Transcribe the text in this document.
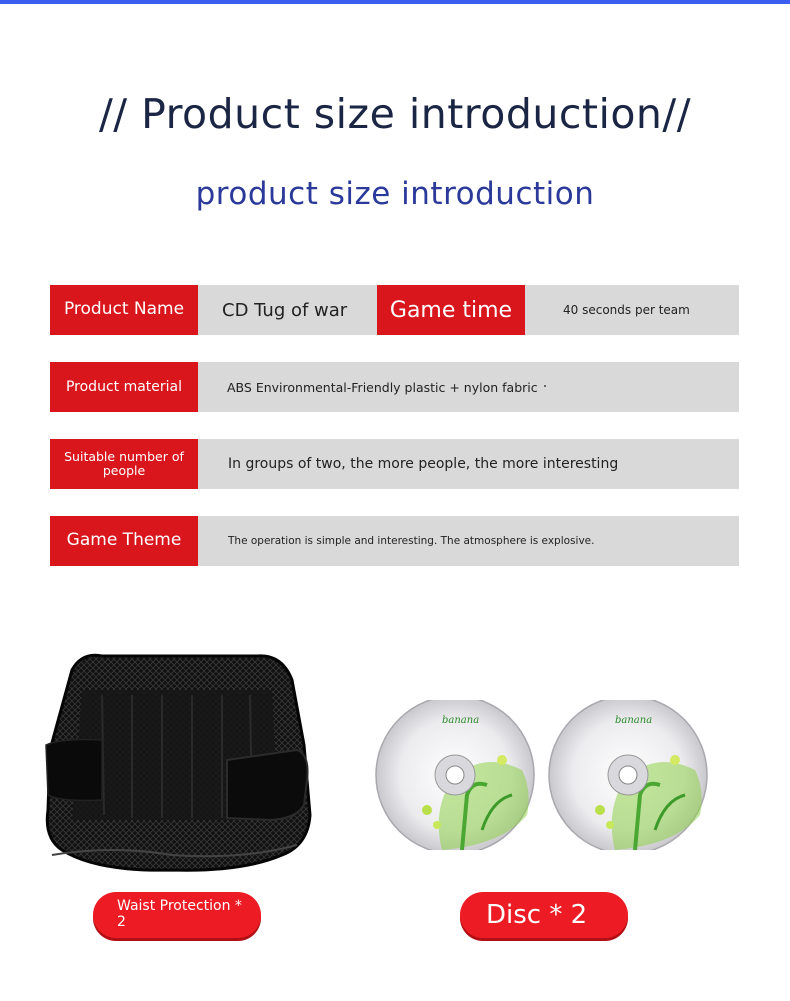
// Product size introduction//
product size introduction
Product Name	CD Tug of war	Game time	40 seconds per team
Product material	ABS Environmental-Friendly plastic + nylon fabric
Suitable number of people	In groups of two, the more people, the more interesting
Game Theme	The operation is simple and interesting. The atmosphere is explosive.
banana	banana
Waist Protection * 2	Disc * 2
